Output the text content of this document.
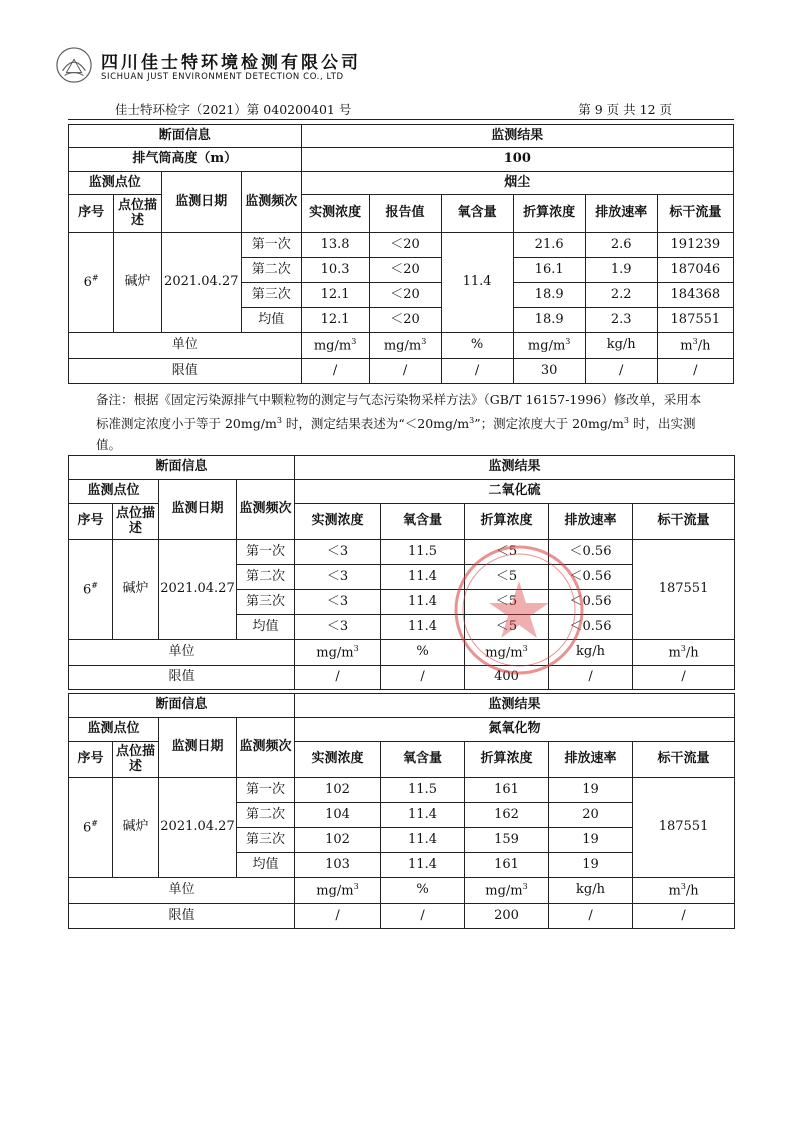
四川佳士特环境检测有限公司
SICHUAN JUST ENVIRONMENT DETECTION CO., LTD
佳士特环检字（2021）第 040200401 号	第 9 页 共 12 页
断面信息				监测结果					
排气筒高度（m）				100					
监测点位		监测日期	监测频次	烟尘					
序号	点位描述			实测浓度	报告值	氧含量	折算浓度	排放速率	标干流量
6#	碱炉	2021.04.27	第一次	13.8	＜20	11.4	21.6	2.6	191239
			第二次	10.3	＜20		16.1	1.9	187046
			第三次	12.1	＜20		18.9	2.2	184368
			均值	12.1	＜20		18.9	2.3	187551
单位				$mg/m^3$	$mg/m^3$	%	$mg/m^3$	kg/h	$m^3/h$
限值				/	/	/	30	/	/

备注：根据《固定污染源排气中颗粒物的测定与气态污染物采样方法》（GB/T 16157-1996）修改单，采用本标准测定浓度小于等于 $20mg/m^3$ 时，测定结果表述为“$<20mg/m^3$”；测定浓度大于 $20mg/m^3$ 时，出实测值。

断面信息				监测结果				
监测点位		监测日期	监测频次	二氧化硫				
序号	点位描述			实测浓度	氧含量	折算浓度	排放速率	标干流量
6#	碱炉	2021.04.27	第一次	＜3	11.5	＜5	＜0.56	187551
			第二次	＜3	11.4	＜5	＜0.56	
			第三次	＜3	11.4	＜5	＜0.56	
			均值	＜3	11.4	＜5	＜0.56	
单位				$mg/m^3$	%	$mg/m^3$	kg/h	$m^3/h$
限值				/	/	400	/	/
断面信息				监测结果				
监测点位		监测日期	监测频次	氮氧化物				
序号	点位描述			实测浓度	氧含量	折算浓度	排放速率	标干流量
6#	碱炉	2021.04.27	第一次	102	11.5	161	19	187551
			第二次	104	11.4	162	20	
			第三次	102	11.4	159	19	
			均值	103	11.4	161	19	
单位				$mg/m^3$	%	$mg/m^3$	kg/h	$m^3/h$
限值				/	/	200	/	/
